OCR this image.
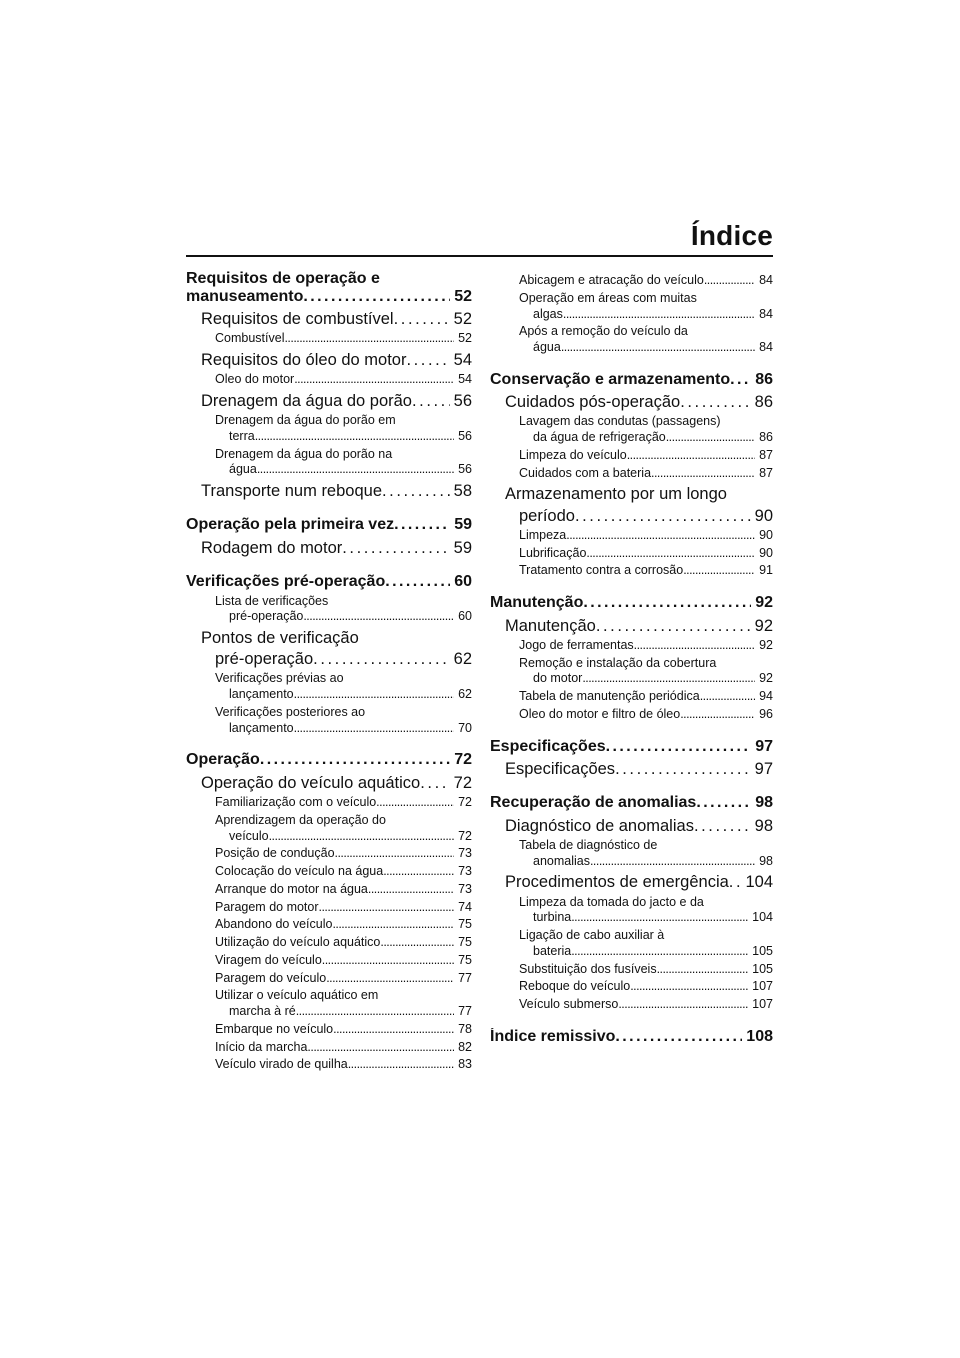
Índice
Requisitos de operação e
manuseamento . . .	52
Requisitos de combustível . . .	52
Combustível . . .	52
Requisitos do óleo do motor . . .	54
Óleo do motor . . .	54
Drenagem da água do porão . . .	56
Drenagem da água do porão em
terra . . .	56
Drenagem da água do porão na
água . . .	56
Transporte num reboque . . .	58
Operação pela primeira vez . . .	59
Rodagem do motor . . .	59
Verificações pré-operação . . .	60
Lista de verificações
pré-operação . . .	60
Pontos de verificação
pré-operação . . .	62
Verificações prévias ao
lançamento . . .	62
Verificações posteriores ao
lançamento . . .	70
Operação . . .	72
Operação do veículo aquático . . . 72
Familiarização com o veículo . . .	72
Aprendizagem da operação do
veículo . . .	72
Posição de condução . . .	73
Colocação do veículo na água . . .	73
Arranque do motor na água . . .	73
Paragem do motor . . .	74
Abandono do veículo . . .	75
Utilização do veículo aquático . . .	75
Viragem do veículo . . .	75
Paragem do veículo . . .	77
Utilizar o veículo aquático em
marcha à ré . . .	77
Embarque no veículo . . .	78
Início da marcha . . .	82
Veículo virado de quilha . . .	83
Abicagem e atracação do veículo . . .	84
Operação em áreas com muitas
algas . . .	84
Após a remoção do veículo da
água . . .	84
Conservação e armazenamento . . . 86
Cuidados pós-operação . . .	86
Lavagem das condutas (passagens)
da água de refrigeração . . .	86
Limpeza do veículo . . .	87
Cuidados com a bateria . . .	87
Armazenamento por um longo
período . . .	90
Limpeza . . .	90
Lubrificação . . .	90
Tratamento contra a corrosão . . .	91
Manutenção . . .	92
Manutenção . . .	92
Jogo de ferramentas . . .	92
Remoção e instalação da cobertura
do motor . . .	92
Tabela de manutenção periódica . . .	94
Óleo do motor e filtro de óleo . . .	96
Especificações . . .	97
Especificações . . .	97
Recuperação de anomalias . . .	98
Diagnóstico de anomalias . . .	98
Tabela de diagnóstico de
anomalias . . .	98
Procedimentos de emergência . . . 104
Limpeza da tomada do jacto e da
turbina . . .	104
Ligação de cabo auxiliar à
bateria . . .	105
Substituição dos fusíveis . . .	105
Reboque do veículo . . .	107
Veículo submerso . . .	107
Índice remissivo . . .	108
